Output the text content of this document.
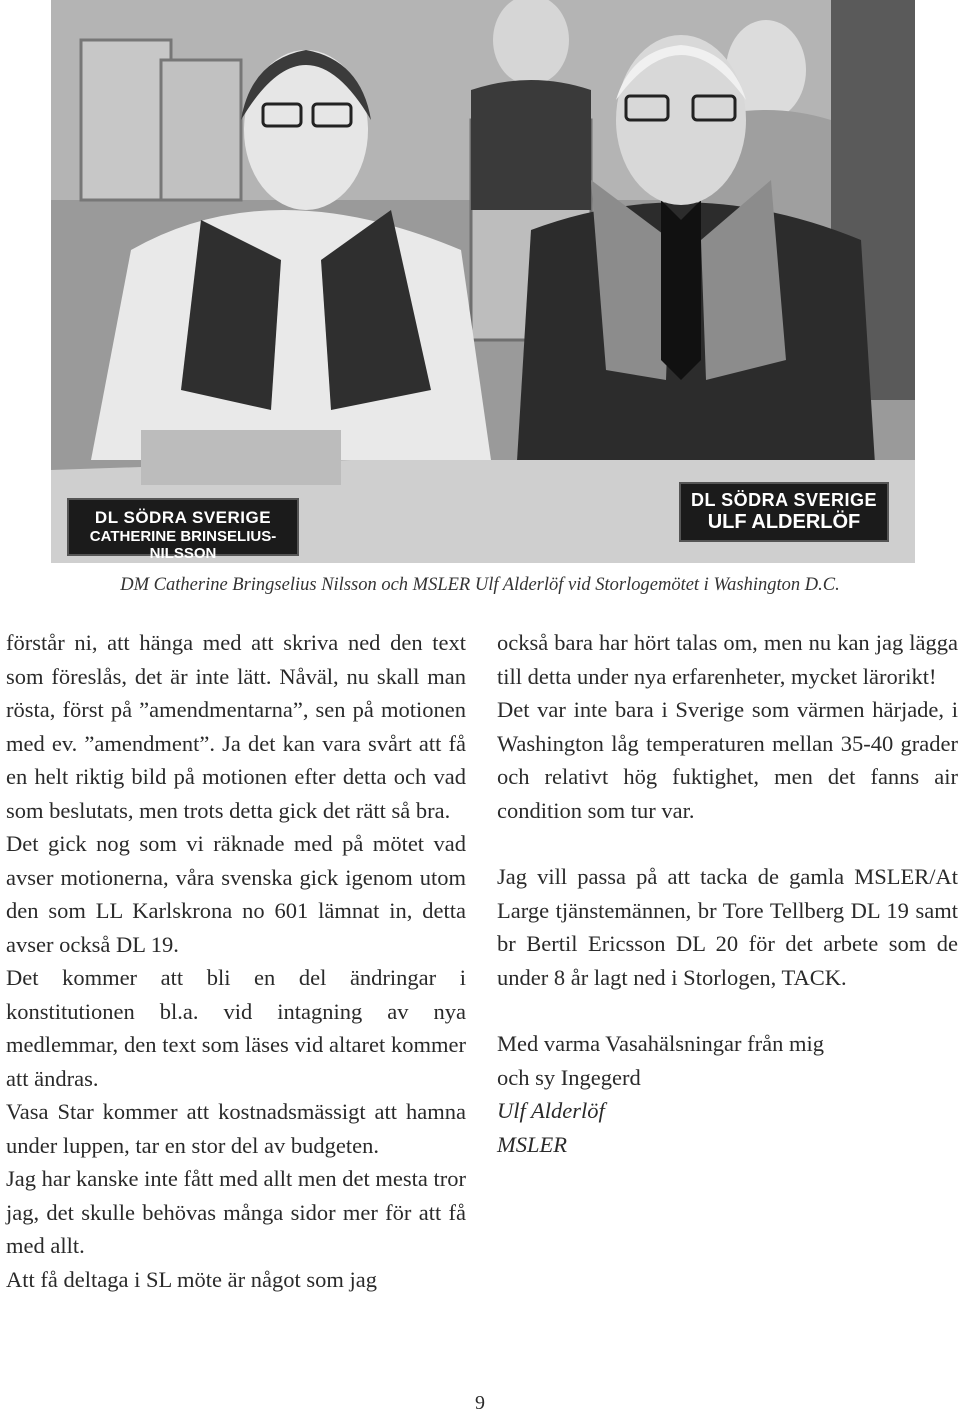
DL SÖDRA SVERIGE
CATHERINE BRINSELIUS-NILSSON
DL SÖDRA SVERIGE
ULF ALDERLÖF
DM Catherine Bringselius Nilsson och MSLER Ulf Alderlöf vid Storlogemötet i Washington D.C.

förstår ni, att hänga med att skriva ned den text som föreslås, det är inte lätt. Nåväl, nu skall man rösta, först på ”amendmentarna”, sen på motionen med ev. ”amendment”. Ja det kan vara svårt att få en helt riktig bild på motionen efter detta och vad som beslutats, men trots detta gick det rätt så bra.

Det gick nog som vi räknade med på mötet vad avser motionerna, våra svenska gick igenom utom den som LL Karlskrona no 601 lämnat in, detta avser också DL 19.

Det kommer att bli en del ändringar i konstitutionen bl.a. vid intagning av nya medlemmar, den text som läses vid altaret kommer att ändras.

Vasa Star kommer att kostnadsmässigt att hamna under luppen, tar en stor del av budgeten.

Jag har kanske inte fått med allt men det mesta tror jag, det skulle behövas många sidor mer för att få med allt.

Att få deltaga i SL möte är något som jag

också bara har hört talas om, men nu kan jag lägga till detta under nya erfarenheter, mycket lärorikt!

Det var inte bara i Sverige som värmen härjade, i Washington låg temperaturen mellan 35-40 grader och relativt hög fuktighet, men det fanns air condition som tur var.

Jag vill passa på att tacka de gamla MSLER/At Large tjänstemännen, br Tore Tellberg DL 19 samt br Bertil Ericsson DL 20 för det arbete som de under 8 år lagt ned i Storlogen, TACK.

Med varma Vasahälsningar från mig

och sy Ingegerd

Ulf Alderlöf

MSLER

9
